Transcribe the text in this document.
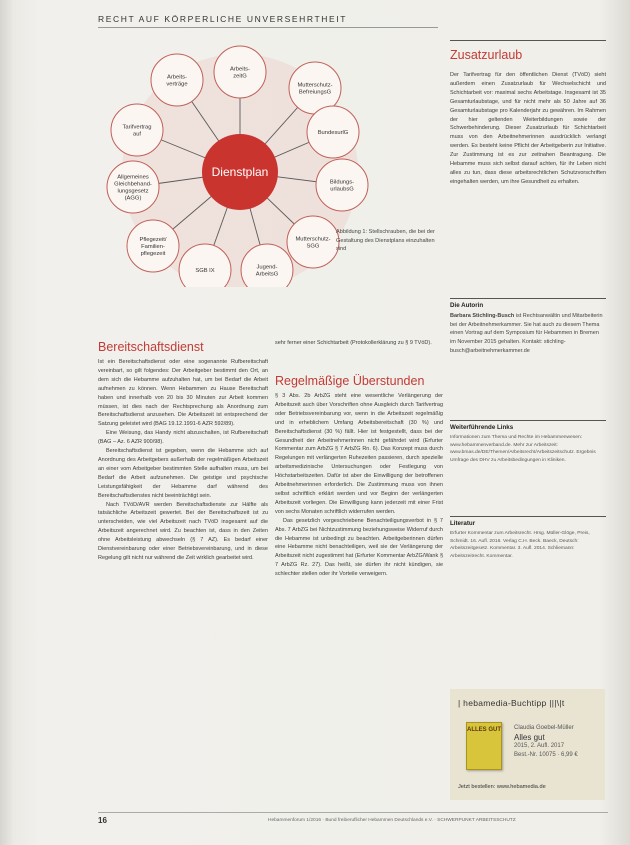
RECHT AUF KÖRPERLICHE UNVERSEHRTHEIT
Arbeits-zeitG
Mutterschutz-BefreiungsG
BundesurlG
Bildungs-urlaubsG
Mutterschutz-SGG
Jugend-ArbeitsG
SGB IX
Pflegezeit/ Familien-pflegezeit
Allgemeines Gleichbehand-lungsgesetz (AGG)
Tarifvertrag auf
Arbeits-verträge
Dienstplan
Abbildung 1: Stellschrauben, die bei der Gestaltung des Dienstplans einzuhalten sind
Bereitschaftsdienst

Ist ein Bereitschaftsdienst oder eine sogenannte Rufbereitschaft vereinbart, so gilt folgendes: Der Arbeitgeber bestimmt den Ort, an dem sich die Hebamme aufzuhalten hat, um bei Bedarf die Arbeit aufnehmen zu können. Wenn Hebammen zu Hause Bereitschaft haben und innerhalb von 20 bis 30 Minuten zur Arbeit kommen müssen, ist dies nach der Rechtsprechung als Anordnung zum Bereitschaftsdienst anzusehen. Die Arbeitszeit ist entsprechend der Satzung geleistet wird (BAG 19.12.1991-6 AZR 592/89).

Eine Weisung, das Handy nicht abzuschalten, ist Rufbereitschaft (BAG – Az. 6 AZR 900/98).

Bereitschaftsdienst ist gegeben, wenn die Hebamme sich auf Anordnung des Arbeitgebers außerhalb der regelmäßigen Arbeitszeit an einer vom Arbeitgeber bestimmten Stelle aufhalten muss, um bei Bedarf die Arbeit aufzunehmen. Die geistige und psychische Leistungsfähigkeit der Hebamme darf während des Bereitschaftsdienstes nicht beeinträchtigt sein.

Nach TVöD/AVR werden Bereitschaftsdienste zur Hälfte als tatsächliche Arbeitszeit gewertet. Bei der Bereitschaftszeit ist zu unterscheiden, wie viel Arbeitszeit nach TVöD insgesamt auf die Arbeitszeit angerechnet wird. Zu beachten ist, dass in den Zeiten ohne Arbeitsleistung abwechseln (§ 7 AZ). Es bedarf einer Dienstvereinbarung oder einer Betriebsvereinbarung, und in diese Regelung gilt nicht nur während die Zeit wirklich gearbeitet wird.

sehr ferner einer Schichtarbeit (Protokollerklärung zu § 9 TVöD).
Regelmäßige Überstunden

§ 3 Abs. 2b ArbZG steht eine wesentliche Verlängerung der Arbeitszeit auch über Vorschriften ohne Ausgleich durch Tarifvertrag oder Betriebsvereinbarung vor, wenn in die Arbeitszeit regelmäßig und in erheblichem Umfang Arbeitsbereitschaft (30 %) und Bereitschaftsdienst (30 %) fällt. Hier ist festgestellt, dass bei der Gesundheit der Arbeitnehmerinnen nicht gefährdet wird (Erfurter Kommentar zum ArbZG § 7 ArbZG Rn. 6). Das Konzept muss durch Regelungen mit verlängerten Ruhezeiten passieren, durch spezielle arbeitsmedizinische Untersuchungen oder Festlegung von Höchstarbeitszeiten. Dafür ist aber die Einwilligung der betroffenen Arbeitnehmerinnen erforderlich. Die Zustimmung muss von ihnen selbst schriftlich erklärt werden und vor Beginn der verlängerten Arbeitszeit vorliegen. Die Einwilligung kann jederzeit mit einer Frist von sechs Monaten schriftlich widerrufen werden.

Das gesetzlich vorgeschriebene Benachteiligungsverbot in § 7 Abs. 7 ArbZG bei Nichtzustimmung beziehungsweise Widerruf durch die Hebamme ist unbedingt zu beachten. Arbeitgeberinnen dürfen eine Hebamme nicht benachteiligen, weil sie der Verlängerung der Arbeitszeit nicht zugestimmt hat (Erfurter Kommentar ArbZG/Wank § 7 ArbZG Rz. 27). Das heißt, sie dürfen ihr nicht kündigen, sie schlechter stellen oder ihr Vorteile verweigern.

Zusatzurlaub
Der Tarifvertrag für den öffentlichen Dienst (TVöD) sieht außerdem einen Zusatzurlaub für Wechselschicht und Schichtarbeit vor: maximal sechs Arbeitstage. Insgesamt ist 35 Gesamturlaubstage, und für nicht mehr als 50 Jahre auf 36 Gesamturlaubstage pro Kalenderjahr zu gewähren. Im Rahmen der hier geltenden Weiterbildungen sowie der Schwerbehinderung. Dieser Zusatzurlaub für Schichtarbeit muss von den Arbeitnehmerinnen ausdrücklich verlangt werden. Es besteht keine Pflicht der Arbeitgeberin zur Initiative. Zur Zustimmung ist es zur zeitnahen Beantragung. Die Hebamme muss sich selbst darauf achten, für ihr Leben nicht alles zu tun, dass diese arbeitsrechtlichen Schutzvorschriften eingehalten werden, um ihre Gesundheit zu erhalten.
Die Autorin
Barbara Stichling-Busch ist Rechtsanwältin und Mitarbeiterin bei der Arbeitnehmerkammer. Sie hat auch zu diesem Thema einen Vortrag auf dem Symposium für Hebammen in Bremen im November 2015 gehalten. Kontakt: stichling-busch@arbeitnehmerkammer.de
Weiterführende Links
Informationen zum Thema und Rechte im Hebammenwesen: www.hebammenverband.de. Mehr zur Arbeitszeit: www.bmas.de/DE/Themen/Arbeitsrecht/Arbeitszeitschutz. Ergebnis Umfrage des DHV zu Arbeitsbedingungen in Kliniken.
Literatur
Erfurter Kommentar zum Arbeitsrecht. Hrsg. Müller-Glöge, Preis, Schmidt. 16. Aufl. 2016. Verlag C.H. Beck. Baeck, Deutsch: Arbeitszeitgesetz. Kommentar. 3. Aufl. 2014. Schliemann: Arbeitszeitrecht. Kommentar.
| hebamedia-Buchtipp |||\|t
ALLES GUT Claudia Goebel-Müller
Alles gut
2015, 2. Aufl. 2017
Best.-Nr. 10075 · 6,99 €
Jetzt bestellen: www.hebamedia.de
16	Hebammenforum 1/2016 · Bund freiberuflicher Hebammen Deutschlands e.V. · SCHWERPUNKT ARBEITSSCHUTZ
